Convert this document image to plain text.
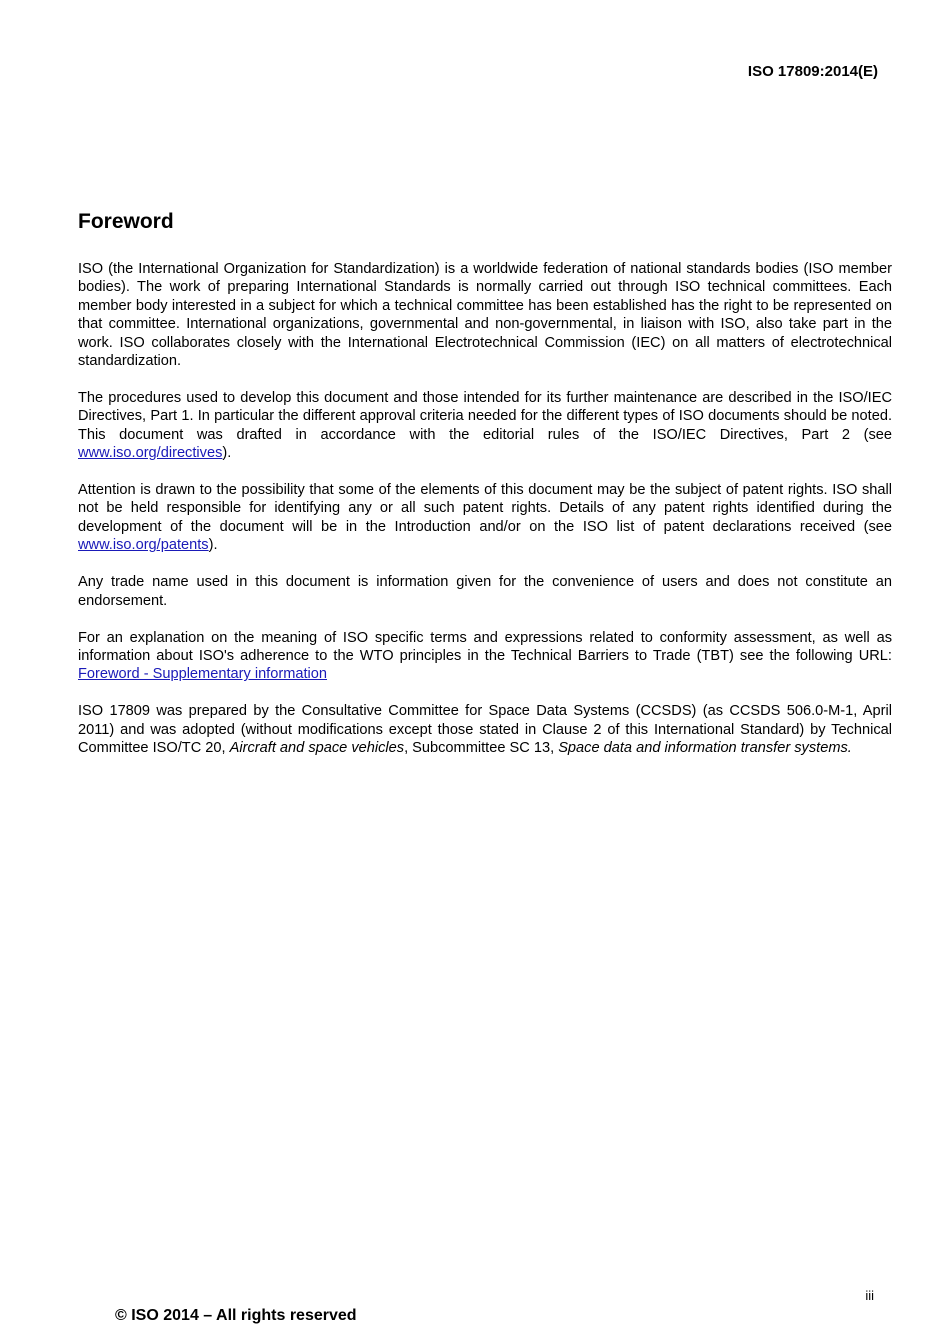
ISO 17809:2014(E)
Foreword

ISO (the International Organization for Standardization) is a worldwide federation of national standards bodies (ISO member bodies). The work of preparing International Standards is normally carried out through ISO technical committees. Each member body interested in a subject for which a technical committee has been established has the right to be represented on that committee. International organizations, governmental and non-governmental, in liaison with ISO, also take part in the work. ISO collaborates closely with the International Electrotechnical Commission (IEC) on all matters of electrotechnical standardization.

The procedures used to develop this document and those intended for its further maintenance are described in the ISO/IEC Directives, Part 1. In particular the different approval criteria needed for the different types of ISO documents should be noted. This document was drafted in accordance with the editorial rules of the ISO/IEC Directives, Part 2 (see www.iso.org/directives).

Attention is drawn to the possibility that some of the elements of this document may be the subject of patent rights. ISO shall not be held responsible for identifying any or all such patent rights. Details of any patent rights identified during the development of the document will be in the Introduction and/or on the ISO list of patent declarations received (see www.iso.org/patents).

Any trade name used in this document is information given for the convenience of users and does not constitute an endorsement.

For an explanation on the meaning of ISO specific terms and expressions related to conformity assessment, as well as information about ISO's adherence to the WTO principles in the Technical Barriers to Trade (TBT) see the following URL:  Foreword - Supplementary information

ISO 17809 was prepared by the Consultative Committee for Space Data Systems (CCSDS) (as CCSDS 506.0-M-1, April 2011) and was adopted (without modifications except those stated in Clause 2 of this International Standard) by Technical Committee ISO/TC 20, Aircraft and space vehicles, Subcommittee SC 13, Space data and information transfer systems.

iii
© ISO 2014 – All rights reserved
